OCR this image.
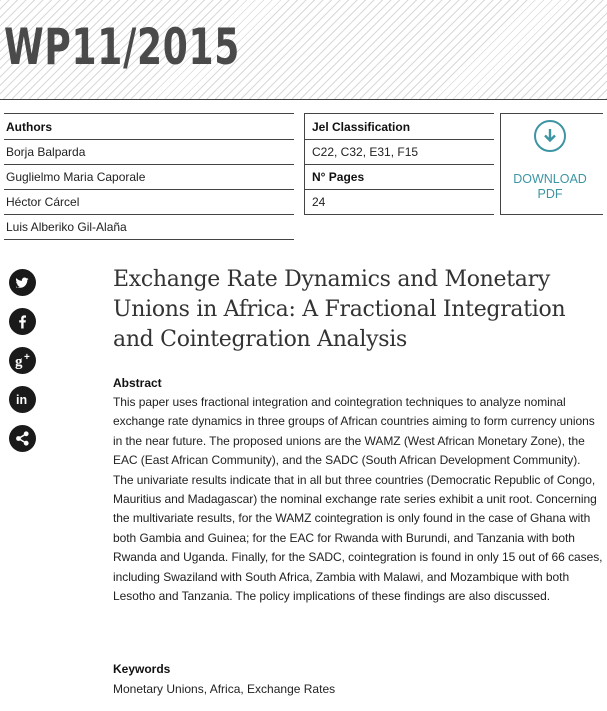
WP11/2015
Authors
Borja Balparda
Guglielmo Maria Caporale
Héctor Cárcel
Luis Alberiko Gil-Alaña
Jel Classification
C22, C32, E31, F15
N° Pages
24
DOWNLOAD
PDF
g +
in
Exchange Rate Dynamics and Monetary Unions in Africa: A Fractional Integration and Cointegration Analysis
Abstract
This paper uses fractional integration and cointegration techniques to analyze nominal exchange rate dynamics in three groups of African countries aiming to form currency unions in the near future. The proposed unions are the WAMZ (West African Monetary Zone), the EAC (East African Community), and the SADC (South African Development Community). The univariate results indicate that in all but three countries (Democratic Republic of Congo, Mauritius and Madagascar) the nominal exchange rate series exhibit a unit root. Concerning the multivariate results, for the WAMZ cointegration is only found in the case of Ghana with both Gambia and Guinea; for the EAC for Rwanda with Burundi, and Tanzania with both Rwanda and Uganda. Finally, for the SADC, cointegration is found in only 15 out of 66 cases, including Swaziland with South Africa, Zambia with Malawi, and Mozambique with both Lesotho and Tanzania. The policy implications of these findings are also discussed.
Keywords
Monetary Unions, Africa, Exchange Rates
